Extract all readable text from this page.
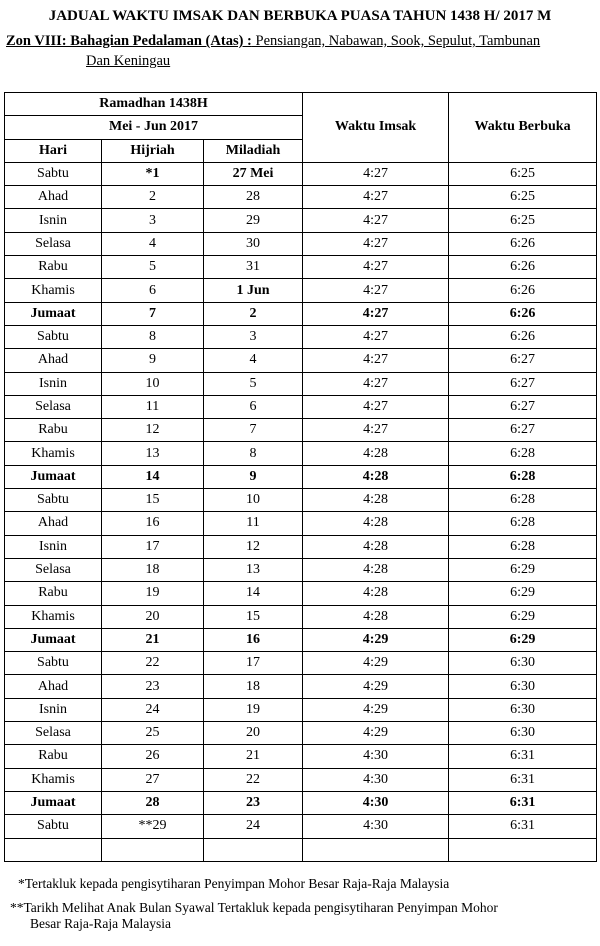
JADUAL WAKTU IMSAK DAN BERBUKA PUASA TAHUN 1438 H/ 2017 M
Zon VIII: Bahagian Pedalaman (Atas) : Pensiangan, Nabawan, Sook, Sepulut, Tambunan
Dan Keningau
Ramadhan 1438H			Waktu Imsak	Waktu Berbuka
Mei - Jun 2017				
Hari	Hijriah	Miladiah		
Sabtu	*1	27 Mei	4:27	6:25
Ahad	2	28	4:27	6:25
Isnin	3	29	4:27	6:25
Selasa	4	30	4:27	6:26
Rabu	5	31	4:27	6:26
Khamis	6	1 Jun	4:27	6:26
Jumaat	7	2	4:27	6:26
Sabtu	8	3	4:27	6:26
Ahad	9	4	4:27	6:27
Isnin	10	5	4:27	6:27
Selasa	11	6	4:27	6:27
Rabu	12	7	4:27	6:27
Khamis	13	8	4:28	6:28
Jumaat	14	9	4:28	6:28
Sabtu	15	10	4:28	6:28
Ahad	16	11	4:28	6:28
Isnin	17	12	4:28	6:28
Selasa	18	13	4:28	6:29
Rabu	19	14	4:28	6:29
Khamis	20	15	4:28	6:29
Jumaat	21	16	4:29	6:29
Sabtu	22	17	4:29	6:30
Ahad	23	18	4:29	6:30
Isnin	24	19	4:29	6:30
Selasa	25	20	4:29	6:30
Rabu	26	21	4:30	6:31
Khamis	27	22	4:30	6:31
Jumaat	28	23	4:30	6:31
Sabtu	**29	24	4:30	6:31

*Tertakluk kepada pengisytiharan Penyimpan Mohor Besar Raja-Raja Malaysia

**Tarikh Melihat Anak Bulan Syawal Tertakluk kepada pengisytiharan Penyimpan Mohor

Besar Raja-Raja Malaysia
